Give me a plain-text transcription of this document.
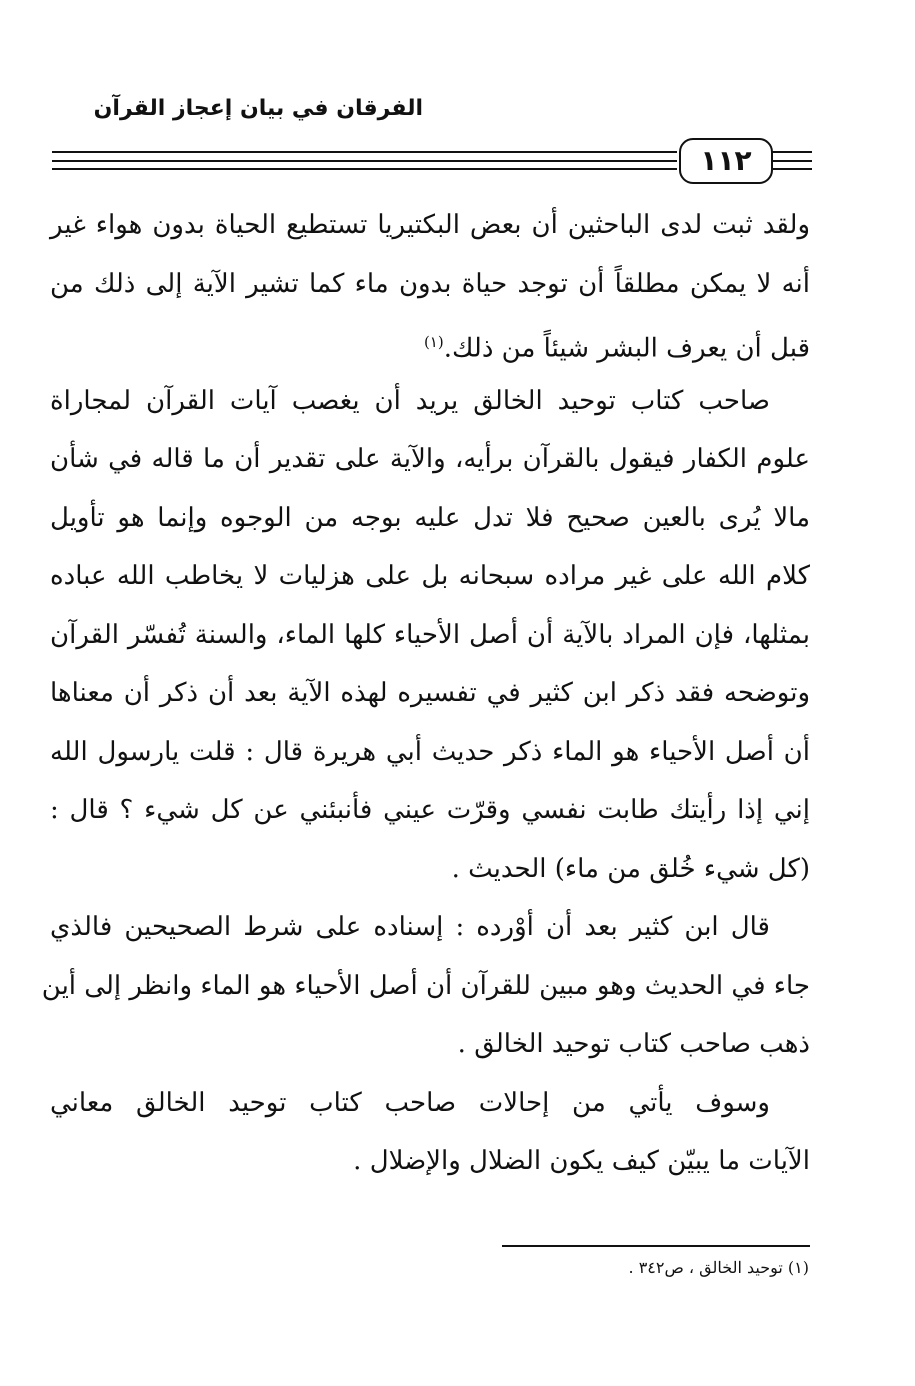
الفرقان في بيان إعجاز القرآن
١١٢
ولقد ثبت لدى الباحثين أن بعض البكتيريا تستطيع الحياة بدون هواء غير
أنه لا يمكن مطلقاً أن توجد حياة بدون ماء كما تشير الآية إلى ذلك من
قبل أن يعرف البشر شيئاً من ذلك.$^{(١)}$
صاحب كتاب توحيد الخالق يريد أن يغصب آيات القرآن لمجاراة
علوم الكفار فيقول بالقرآن برأيه، والآية على تقدير أن ما قاله في شأن
مالا يُرى بالعين صحيح فلا تدل عليه بوجه من الوجوه وإنما هو تأويل
كلام الله على غير مراده سبحانه بل على هزليات لا يخاطب الله عباده
بمثلها، فإن المراد بالآية أن أصل الأحياء كلها الماء، والسنة تُفسّر القرآن
وتوضحه فقد ذكر ابن كثير في تفسيره لهذه الآية بعد أن ذكر أن معناها
أن أصل الأحياء هو الماء ذكر حديث أبي هريرة قال : قلت يارسول الله
إني إذا رأيتك طابت نفسي وقرّت عيني فأنبئني عن كل شيء ؟ قال :
(كل شيء خُلق من ماء) الحديث .
قال ابن كثير بعد أن أوْرده : إسناده على شرط الصحيحين فالذي
جاء في الحديث وهو مبين للقرآن أن أصل الأحياء هو الماء وانظر إلى أين
ذهب صاحب كتاب توحيد الخالق .
وسوف يأتي من إحالات صاحب كتاب توحيد الخالق معاني
الآيات ما يبيّن كيف يكون الضلال والإضلال .
(١) توحيد الخالق ، ص٣٤٢ .
